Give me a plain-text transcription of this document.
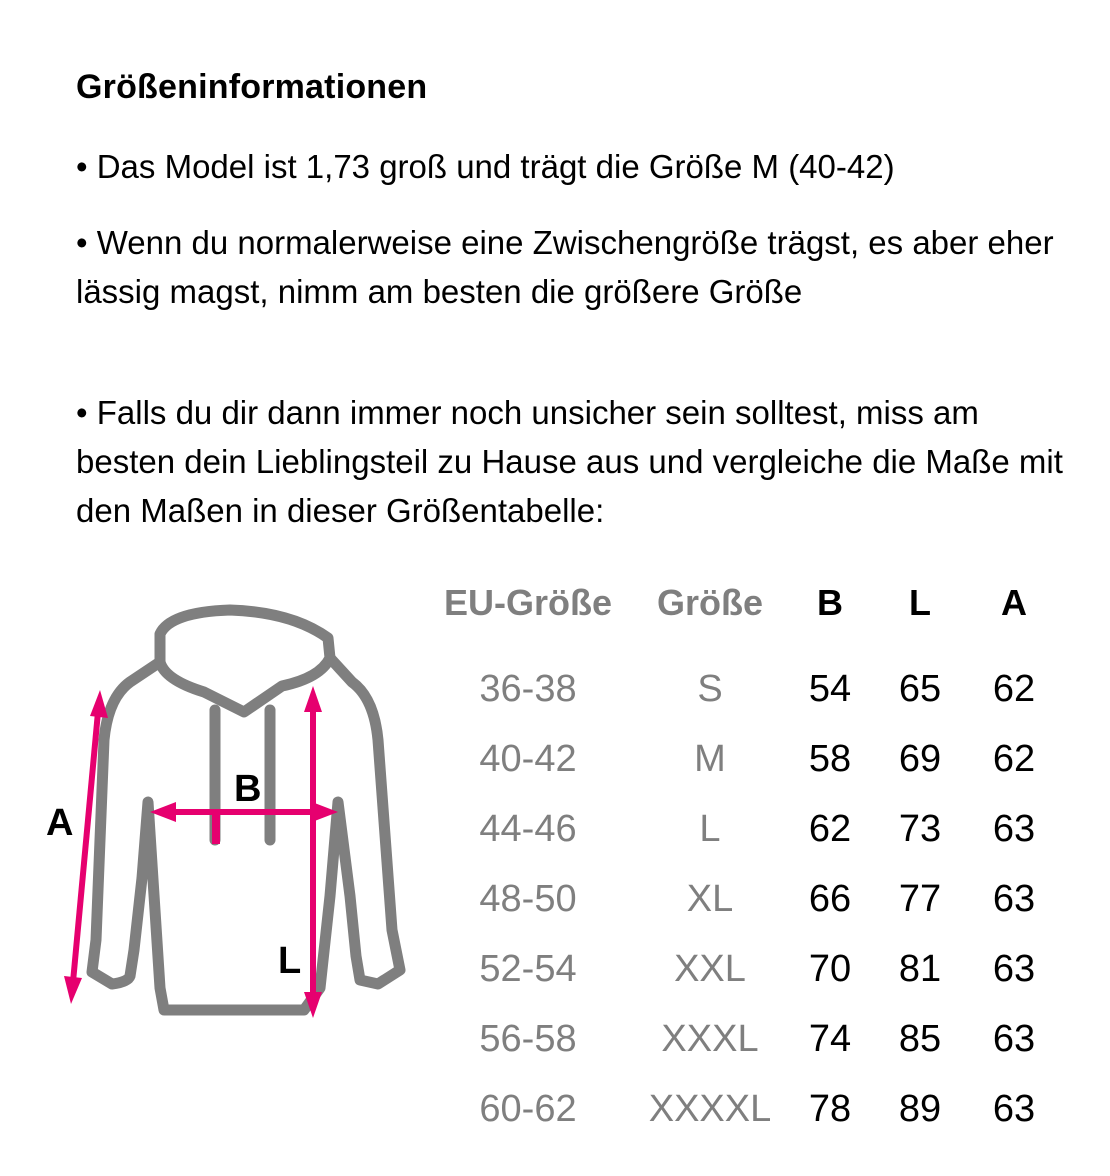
Größeninformationen

• Das Model ist 1,73 groß und trägt die Größe M (40-42)

• Wenn du normalerweise eine Zwischengröße trägst, es aber eher lässig magst, nimm am besten die größere Größe

• Falls du dir dann immer noch unsicher sein solltest, miss am besten dein Lieblingsteil zu Hause aus und vergleiche die Maße mit den Maßen in dieser Größentabelle:

A
B
L
EU-Größe	Größe	B	L	A

36-38	S	54	65	62
40-42	M	58	69	62
44-46	L	62	73	63
48-50	XL	66	77	63
52-54	XXL	70	81	63
56-58	XXXL	74	85	63
60-62	XXXXL	78	89	63
